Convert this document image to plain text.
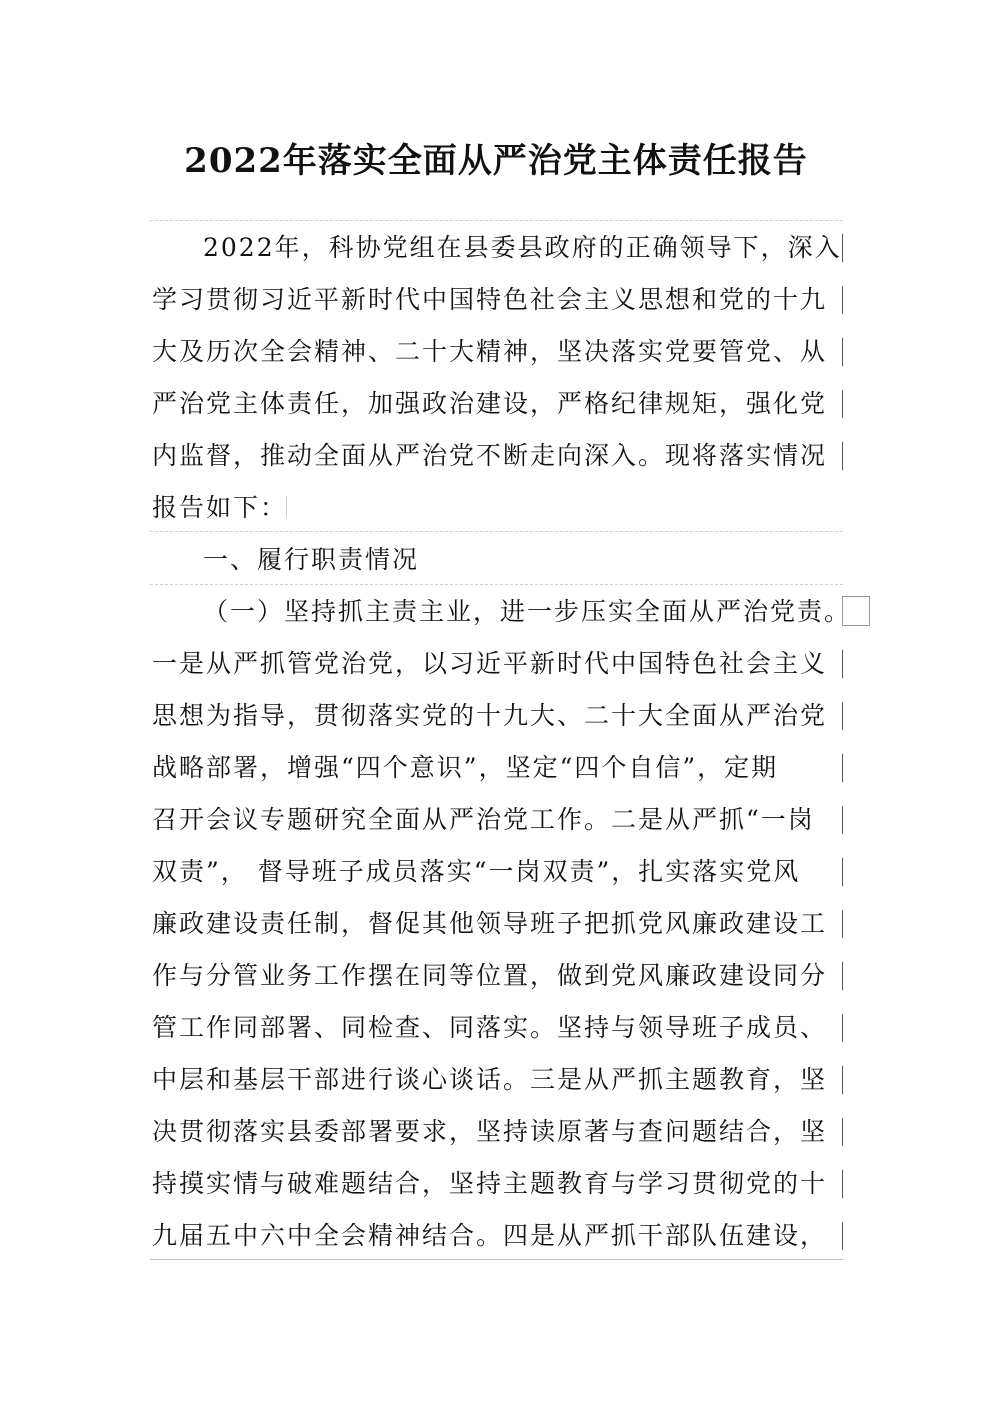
2022年落实全面从严治党主体责任报告
2022年，科协党组在县委县政府的正确领导下，深入
学习贯彻习近平新时代中国特色社会主义思想和党的十九
大及历次全会精神、二十大精神，坚决落实党要管党、从
严治党主体责任，加强政治建设，严格纪律规矩，强化党
内监督，推动全面从严治党不断走向深入。现将落实情况
报告如下：
一、履行职责情况
（一）坚持抓主责主业，进一步压实全面从严治党责。
一是从严抓管党治党，以习近平新时代中国特色社会主义
思想为指导，贯彻落实党的十九大、二十大全面从严治党
战略部署，增强“四个意识”，坚定“四个自信”，定期
召开会议专题研究全面从严治党工作。二是从严抓“一岗
双责”， 督导班子成员落实“一岗双责”，扎实落实党风
廉政建设责任制，督促其他领导班子把抓党风廉政建设工
作与分管业务工作摆在同等位置，做到党风廉政建设同分
管工作同部署、同检查、同落实。坚持与领导班子成员、
中层和基层干部进行谈心谈话。三是从严抓主题教育，坚
决贯彻落实县委部署要求，坚持读原著与查问题结合，坚
持摸实情与破难题结合，坚持主题教育与学习贯彻党的十
九届五中六中全会精神结合。四是从严抓干部队伍建设，
